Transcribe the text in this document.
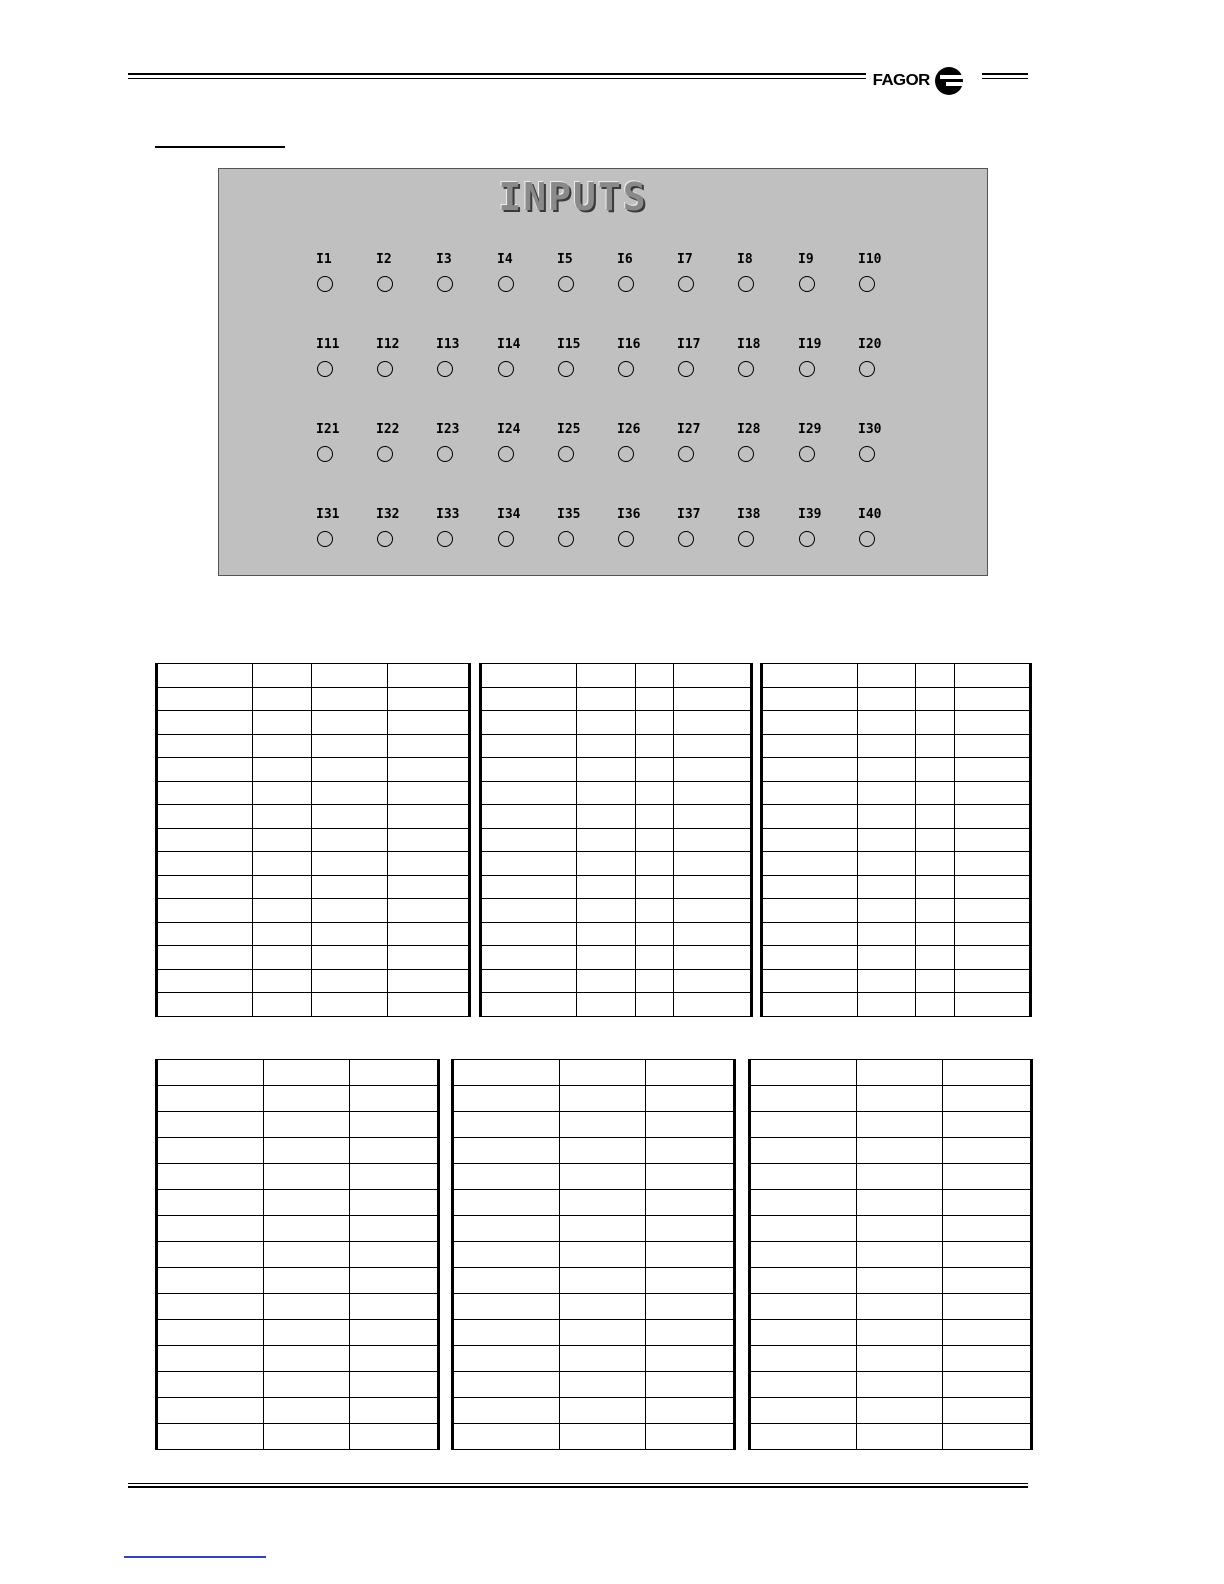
FAGOR
INPUTS
I1	I2	I3	I4	I5	I6	I7	I8	I9	I10
I11	I12	I13	I14	I15	I16	I17	I18	I19	I20
I21	I22	I23	I24	I25	I26	I27	I28	I29	I30
I31	I32	I33	I34	I35	I36	I37	I38	I39	I40
